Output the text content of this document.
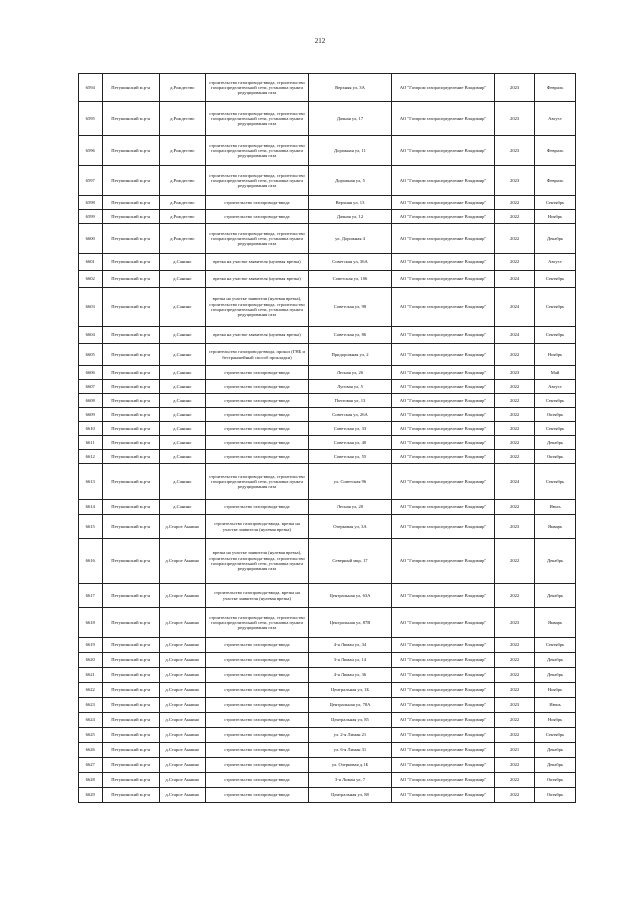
212
6594	Петушинский м.р-н	д.Рождество	строительство газопровода-ввода, строительство газораспределительной сети, установка пункта редуцирования газа	Верхняя ул, 3А	АО "Газпром газораспределение Владимир"	2023	Февраль
6595	Петушинский м.р-н	д.Рождество	строительство газопровода-ввода, строительство газораспределительной сети, установка пункта редуцирования газа	Дачная ул, 17	АО "Газпром газораспределение Владимир"	2023	Август
6596	Петушинский м.р-н	д.Рождество	строительство газопровода-ввода, строительство газораспределительной сети, установка пункта редуцирования газа	Дорожная ул, 11	АО "Газпром газораспределение Владимир"	2023	Февраль
6597	Петушинский м.р-н	д.Рождество	строительство газопровода-ввода, строительство газораспределительной сети, установка пункта редуцирования газа	Дорожная ул, 5	АО "Газпром газораспределение Владимир"	2023	Февраль
6598	Петушинский м.р-н	д.Рождество	строительство газопровода-ввода	Верхняя ул, 13	АО "Газпром газораспределение Владимир"	2022	Сентябрь
6599	Петушинский м.р-н	д.Рождество	строительство газопровода-ввода	Дачная ул, 12	АО "Газпром газораспределение Владимир"	2022	Ноябрь
6600	Петушинский м.р-н	д.Рождество	строительство газопровода-ввода, строительство газораспределительной сети, установка пункта редуцирования газа	ул. Дорожная 4	АО "Газпром газораспределение Владимир"	2022	Декабрь
6601	Петушинский м.р-н	д.Санино	врезка на участке заявителя (нулевая врезка)	Советская ул, 36А	АО "Газпром газораспределение Владимир"	2022	Август
6602	Петушинский м.р-н	д.Санино	врезка на участке заявителя (нулевая врезка)	Советская ул, 106	АО "Газпром газораспределение Владимир"	2024	Сентябрь
6603	Петушинский м.р-н	д.Санино	врезка на участке заявителя (нулевая врезка), строительство газопровода-ввода, строительство газораспределительной сети, установка пункта редуцирования газа	Советская ул, 98	АО "Газпром газораспределение Владимир"	2024	Сентябрь
6604	Петушинский м.р-н	д.Санино	врезка на участке заявителя (нулевая врезка)	Советская ул, 86	АО "Газпром газораспределение Владимир"	2024	Сентябрь
6605	Петушинский м.р-н	д.Санино	строительство газопровода-ввода, прокол (ГНБ и бестраншейный способ прокладки)	Придорожная ул, 2	АО "Газпром газораспределение Владимир"	2022	Ноябрь
6606	Петушинский м.р-н	д.Санино	строительство газопровода-ввода	Лесная ул, 26	АО "Газпром газораспределение Владимир"	2023	Май
6607	Петушинский м.р-н	д.Санино	строительство газопровода-ввода	Луговая ул, 5	АО "Газпром газораспределение Владимир"	2022	Август
6608	Петушинский м.р-н	д.Санино	строительство газопровода-ввода	Почтовая ул, 13	АО "Газпром газораспределение Владимир"	2022	Сентябрь
6609	Петушинский м.р-н	д.Санино	строительство газопровода-ввода	Советская ул, 26А	АО "Газпром газораспределение Владимир"	2022	Октябрь
6610	Петушинский м.р-н	д.Санино	строительство газопровода-ввода	Советская ул, 33	АО "Газпром газораспределение Владимир"	2022	Сентябрь
6611	Петушинский м.р-н	д.Санино	строительство газопровода-ввода	Советская ул, 40	АО "Газпром газораспределение Владимир"	2022	Декабрь
6612	Петушинский м.р-н	д.Санино	строительство газопровода-ввода	Советская ул, 55	АО "Газпром газораспределение Владимир"	2022	Октябрь
6613	Петушинский м.р-н	д.Санино	строительство газопровода-ввода, строительство газораспределительной сети, установка пункта редуцирования газа	ул. Советская 96	АО "Газпром газораспределение Владимир"	2024	Сентябрь
6614	Петушинский м.р-н	д.Санино	строительство газопровода-ввода	Лесная ул, 20	АО "Газпром газораспределение Владимир"	2022	Июль
6615	Петушинский м.р-н	д.Старое Аннино	строительство газопровода-ввода, врезка на участке заявителя (нулевая врезка)	Озерковая ул, 3А	АО "Газпром газораспределение Владимир"	2023	Январь
6616	Петушинский м.р-н	д.Старое Аннино	врезка на участке заявителя (нулевая врезка), строительство газопровода-ввода, строительство газораспределительной сети, установка пункта редуцирования газа	Северный мкр, 17	АО "Газпром газораспределение Владимир"	2022	Декабрь
6617	Петушинский м.р-н	д.Старое Аннино	строительство газопровода-ввода, врезка на участке заявителя (нулевая врезка)	Центральная ул, 63А	АО "Газпром газораспределение Владимир"	2022	Декабрь
6618	Петушинский м.р-н	д.Старое Аннино	строительство газопровода-ввода, строительство газораспределительной сети, установка пункта редуцирования газа	Центральная ул, 87В	АО "Газпром газораспределение Владимир"	2023	Январь
6619	Петушинский м.р-н	д.Старое Аннино	строительство газопровода-ввода	4-я Лиман ул, 34	АО "Газпром газораспределение Владимир"	2022	Сентябрь
6620	Петушинский м.р-н	д.Старое Аннино	строительство газопровода-ввода	3-я Лиман ул, 14	АО "Газпром газораспределение Владимир"	2022	Декабрь
6621	Петушинский м.р-н	д.Старое Аннино	строительство газопровода-ввода	4-я Лиман ул, 36	АО "Газпром газораспределение Владимир"	2022	Декабрь
6622	Петушинский м.р-н	д.Старое Аннино	строительство газопровода-ввода	Центральная ул, 1Б	АО "Газпром газораспределение Владимир"	2022	Ноябрь
6623	Петушинский м.р-н	д.Старое Аннино	строительство газопровода-ввода	Центральная ул, 78А	АО "Газпром газораспределение Владимир"	2023	Июнь
6624	Петушинский м.р-н	д.Старое Аннино	строительство газопровода-ввода	Центральная ул, 85	АО "Газпром газораспределение Владимир"	2022	Ноябрь
6625	Петушинский м.р-н	д.Старое Аннино	строительство газопровода-ввода	ул. 2-я Лиман 21	АО "Газпром газораспределение Владимир"	2022	Сентябрь
6626	Петушинский м.р-н	д.Старое Аннино	строительство газопровода-ввода	ул. 6-я Лиман 31	АО "Газпром газораспределение Владимир"	2021	Декабрь
6627	Петушинский м.р-н	д.Старое Аннино	строительство газопровода-ввода	ул. Озерковая д.1Б	АО "Газпром газораспределение Владимир"	2022	Декабрь
6628	Петушинский м.р-н	д.Старое Аннино	строительство газопровода-ввода	3-я Лиман ул, 7	АО "Газпром газораспределение Владимир"	2022	Октябрь
6629	Петушинский м.р-н	д.Старое Аннино	строительство газопровода-ввода	Центральная ул, 88	АО "Газпром газораспределение Владимир"	2022	Октябрь
